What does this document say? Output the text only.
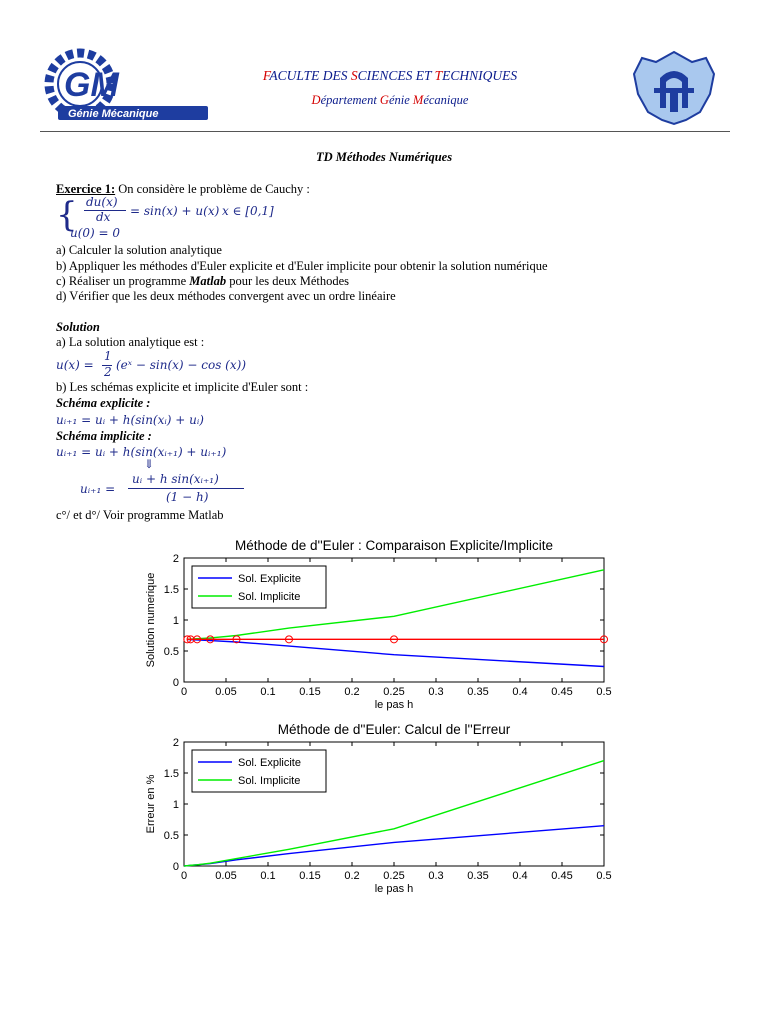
GM
Génie Mécanique
FACULTE DES SCIENCES ET TECHNIQUES
Département Génie Mécanique
TD Méthodes Numériques
Exercice 1: On considère le problème de Cauchy :
{ du(x)
dx = sin(x) + u(x) x ∈ [0,1]
u(0) = 0
a) Calculer la solution analytique
b) Appliquer les méthodes d'Euler explicite et d'Euler implicite pour obtenir la solution numérique
c) Réaliser un programme Matlab pour les deux Méthodes
d) Vérifier que les deux méthodes convergent avec un ordre linéaire
Solution
a) La solution analytique est :
u(x) =
1
2 (eˣ − sin(x) − cos (x))
b) Les schémas explicite et implicite d'Euler sont :
Schéma explicite :
uᵢ₊₁ = uᵢ + h(sin(xᵢ) + uᵢ)
Schéma implicite :
uᵢ₊₁ = uᵢ + h(sin(xᵢ₊₁) + uᵢ₊₁)
⇓
uᵢ₊₁ =
uᵢ + h sin(xᵢ₊₁)
(1 − h)
c°/ et d°/ Voir programme Matlab
Méthode de d''Euler : Comparaison Explicite/Implicite
0	0.05 0.1 0.15 0.2 0.25 0.3 0.35 0.4 0.45 0.5
0
0.5
1
1.5
2
le pas h
Solution numerique	Sol. Explicite
Sol. Implicite
Méthode de d''Euler: Calcul de l''Erreur
0	0.05 0.1 0.15 0.2 0.25 0.3 0.35 0.4 0.45 0.5
0
0.5
1
1.5
2
le pas h
Erreur en %
Sol. Explicite
Sol. Implicite
